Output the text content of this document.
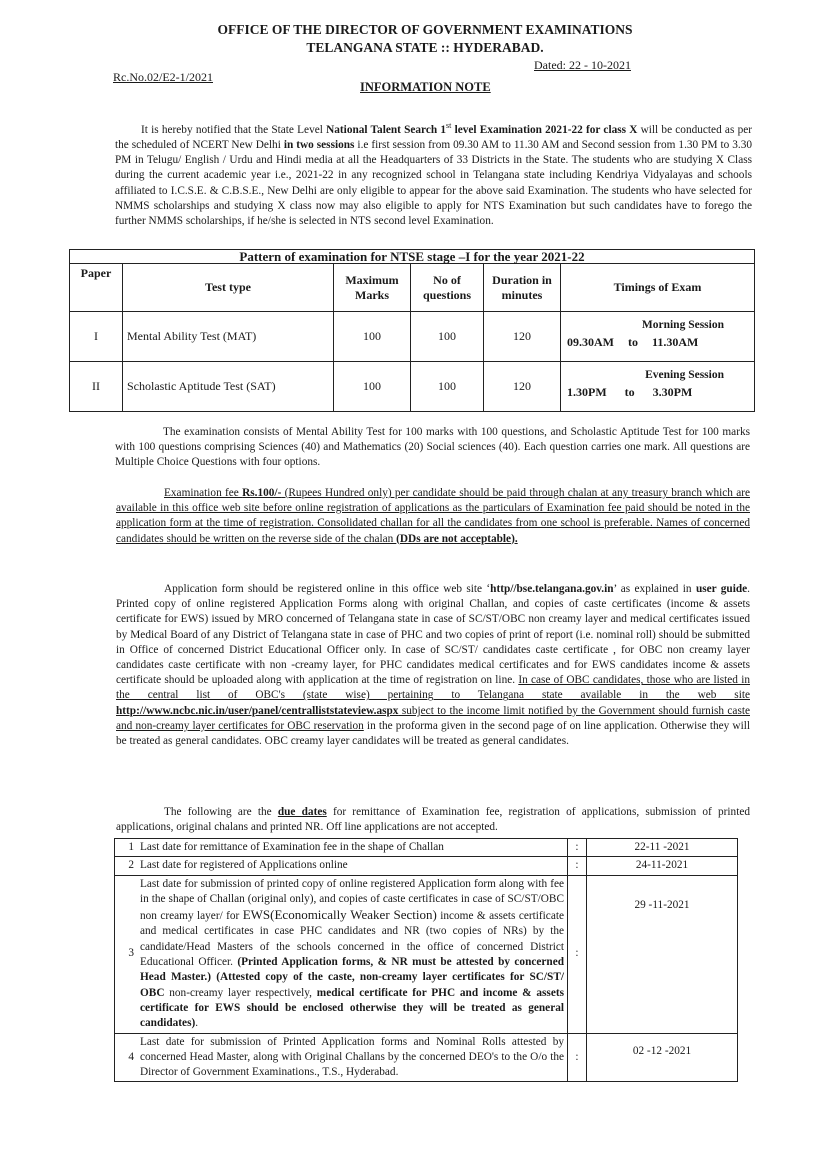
OFFICE OF THE DIRECTOR OF GOVERNMENT EXAMINATIONS
TELANGANA STATE :: HYDERABAD.
Rc.No.02/E2-1/2021
Dated: 22 - 10-2021
INFORMATION NOTE
It is hereby notified that the State Level National Talent Search 1st level Examination 2021-22 for class X will be conducted as per the scheduled of NCERT New Delhi in two sessions i.e first session from 09.30 AM to 11.30 AM and Second session from 1.30 PM to 3.30 PM in Telugu/ English / Urdu and Hindi media at all the Headquarters of 33 Districts in the State. The students who are studying X Class during the current academic year i.e., 2021-22 in any recognized school in Telangana state including Kendriya Vidyalayas and schools affiliated to I.C.S.E. & C.B.S.E., New Delhi are only eligible to appear for the above said Examination. The students who have selected for NMMS scholarships and studying X class now may also eligible to apply for NTS Examination but such candidates have to forego the further NMMS scholarships, if he/she is selected in NTS second level Examination.
Pattern of examination for NTSE stage –I for the year 2021-22					
Paper	Test type	Maximum Marks	No of questions	Duration in minutes	Timings of Exam
I	Mental Ability Test (MAT)	100	100	120	Morning Session
09.30AM to 11.30AM

II	Scholastic Aptitude Test (SAT)	100	100	120	Evening Session
1.30PM to 3.30PM
The examination consists of Mental Ability Test for 100 marks with 100 questions, and Scholastic Aptitude Test for 100 marks with 100 questions comprising Sciences (40) and Mathematics (20) Social sciences (40). Each question carries one mark. All questions are Multiple Choice Questions with four options.
Examination fee Rs.100/- (Rupees Hundred only) per candidate should be paid through chalan at any treasury branch which are available in this office web site before online registration of applications as the particulars of Examination fee paid should be noted in the application form at the time of registration. Consolidated challan for all the candidates from one school is preferable. Names of concerned candidates should be written on the reverse side of the chalan (DDs are not acceptable).
Application form should be registered online in this office web site ‘http//bse.telangana.gov.in’ as explained in user guide. Printed copy of online registered Application Forms along with original Challan, and copies of caste certificates (income & assets certificate for EWS) issued by MRO concerned of Telangana state in case of SC/ST/OBC non creamy layer and medical certificates issued by Medical Board of any District of Telangana state in case of PHC and two copies of print of report (i.e. nominal roll) should be submitted in Office of concerned District Educational Officer only. In case of SC/ST/ candidates caste certificate , for OBC non creamy layer candidates caste certificate with non -creamy layer, for PHC candidates medical certificates and for EWS candidates income & assets certificate should be uploaded along with application at the time of registration on line. In case of OBC candidates, those who are listed in the central list of OBC's (state wise) pertaining to Telangana state available in the web site http://www.ncbc.nic.in/user/panel/centralliststateview.aspx subject to the income limit notified by the Government should furnish caste and non-creamy layer certificates for OBC reservation in the proforma given in the second page of on line application. Otherwise they will be treated as general candidates. OBC creamy layer candidates will be treated as general candidates.
The following are the due dates for remittance of Examination fee, registration of applications, submission of printed applications, original chalans and printed NR. Off line applications are not accepted.
1	Last date for remittance of Examination fee in the shape of Challan	:	22-11 -2021
2	Last date for registered of Applications online	:	24-11-2021
3	Last date for submission of printed copy of online registered Application form along with fee in the shape of Challan (original only), and copies of caste certificates in case of SC/ST/OBC non creamy layer/ for EWS(Economically Weaker Section) income & assets certificate and medical certificates in case PHC candidates and NR (two copies of NRs) by the candidate/Head Masters of the schools concerned in the office of concerned District Educational Officer. (Printed Application forms, & NR must be attested by concerned Head Master.) (Attested copy of the caste, non-creamy layer certificates for SC/ST/ OBC non-creamy layer respectively, medical certificate for PHC and income & assets certificate for EWS should be enclosed otherwise they will be treated as general candidates).	:	29 -11-2021
4	Last date for submission of Printed Application forms and Nominal Rolls attested by concerned Head Master, along with Original Challans by the concerned DEO's to the O/o the Director of Government Examinations., T.S., Hyderabad.	:	02 -12 -2021
